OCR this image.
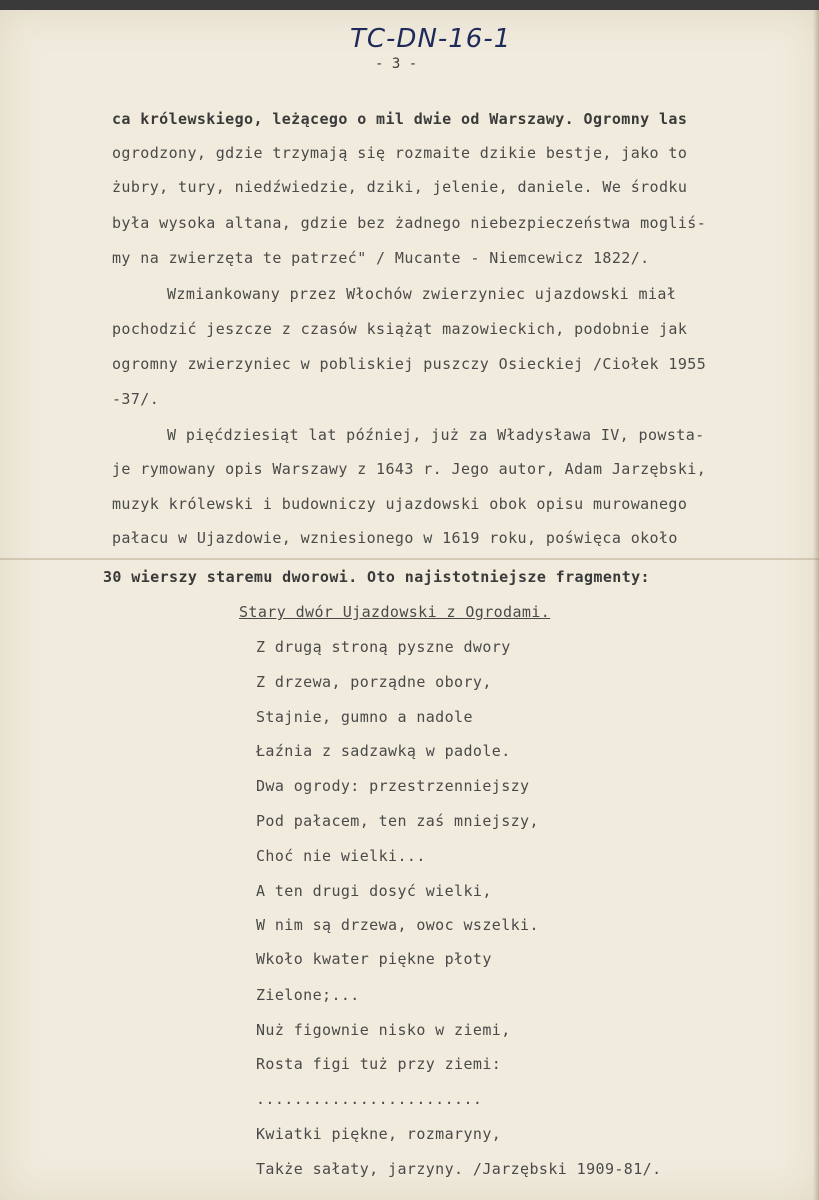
TC-DN-16-1
- 3 -
ca królewskiego, leżącego o mil dwie od Warszawy. Ogromny las
ogrodzony, gdzie trzymają się rozmaite dzikie bestje, jako to
żubry, tury, niedźwiedzie, dziki, jelenie, daniele. We środku
była wysoka altana, gdzie bez żadnego niebezpieczeństwa mogliś-
my na zwierzęta te patrzeć" / Mucante - Niemcewicz 1822/.
Wzmiankowany przez Włochów zwierzyniec ujazdowski miał
pochodzić jeszcze z czasów książąt mazowieckich, podobnie jak
ogromny zwierzyniec w pobliskiej puszczy Osieckiej /Ciołek 1955
-37/.
W pięćdziesiąt lat później, już za Władysława IV, powsta-
je rymowany opis Warszawy z 1643 r. Jego autor, Adam Jarzębski,
muzyk królewski i budowniczy ujazdowski obok opisu murowanego
pałacu w Ujazdowie, wzniesionego w 1619 roku, poświęca około
30 wierszy staremu dworowi. Oto najistotniejsze fragmenty:
Stary dwór Ujazdowski z Ogrodami.
Z drugą stroną pyszne dwory
Z drzewa, porządne obory,
Stajnie, gumno a nadole
Łaźnia z sadzawką w padole.
Dwa ogrody: przestrzenniejszy
Pod pałacem, ten zaś mniejszy,
Choć nie wielki...
A ten drugi dosyć wielki,
W nim są drzewa, owoc wszelki.
Wkoło kwater piękne płoty
Zielone;...
Nuż figownie nisko w ziemi,
Rosta figi tuż przy ziemi:
........................
Kwiatki piękne, rozmaryny,
Także sałaty, jarzyny. /Jarzębski 1909-81/.
